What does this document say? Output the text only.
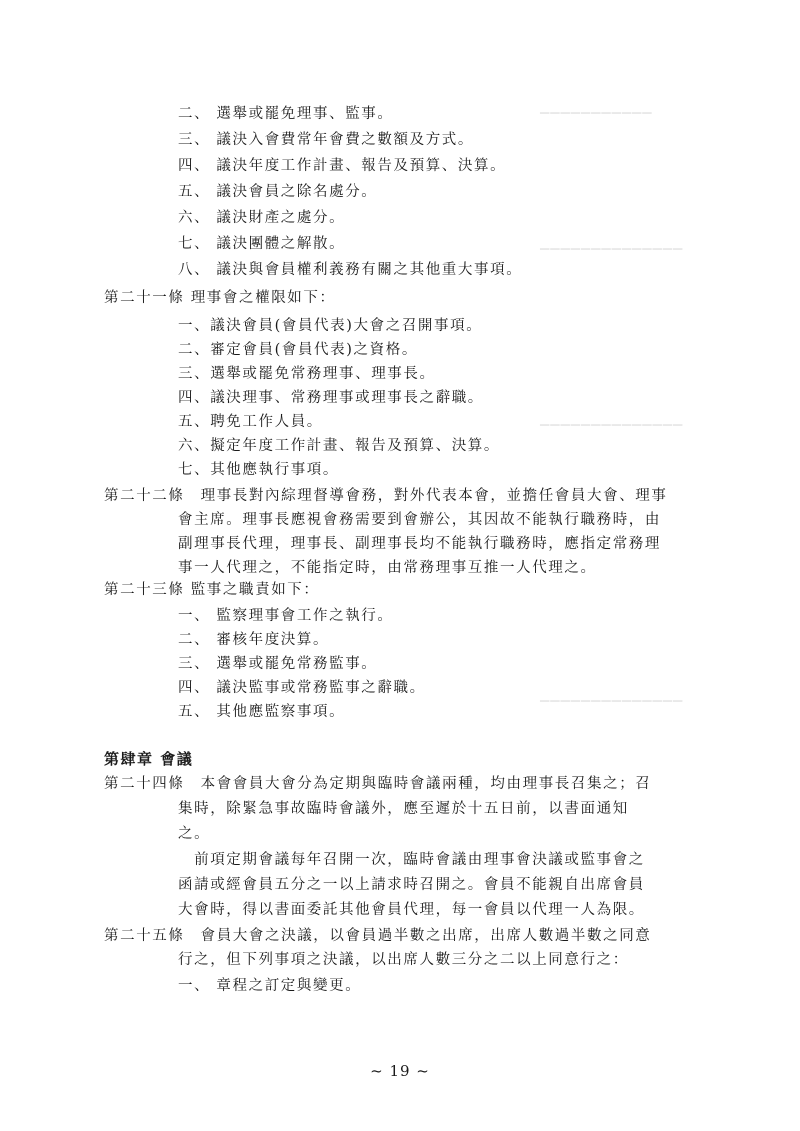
▁▁▁▁▁▁▁▁▁▁▁
▁▁▁▁▁▁▁▁▁▁▁▁▁▁
▁▁▁▁▁▁▁▁▁▁▁▁▁▁
▁▁▁▁▁▁▁▁▁▁▁▁▁▁
二、 選舉或罷免理事、監事。
三、 議決入會費常年會費之數額及方式。
四、 議決年度工作計畫、報告及預算、決算。
五、 議決會員之除名處分。
六、 議決財產之處分。
七、 議決團體之解散。
八、 議決與會員權利義務有關之其他重大事項。
第二十一條 理事會之權限如下：
一、議決會員(會員代表)大會之召開事項。
二、審定會員(會員代表)之資格。
三、選舉或罷免常務理事、理事長。
四、議決理事、常務理事或理事長之辭職。
五、聘免工作人員。
六、擬定年度工作計畫、報告及預算、決算。
七、其他應執行事項。
第二十二條　理事長對內綜理督導會務，對外代表本會，並擔任會員大會、理事
會主席。理事長應視會務需要到會辦公，其因故不能執行職務時，由
副理事長代理，理事長、副理事長均不能執行職務時，應指定常務理
事一人代理之，不能指定時，由常務理事互推一人代理之。
第二十三條 監事之職責如下：
一、 監察理事會工作之執行。
二、 審核年度決算。
三、 選舉或罷免常務監事。
四、 議決監事或常務監事之辭職。
五、 其他應監察事項。
第肆章 會議
第二十四條　本會會員大會分為定期與臨時會議兩種，均由理事長召集之；召
集時，除緊急事故臨時會議外，應至遲於十五日前，以書面通知
之。
　前項定期會議每年召開一次，臨時會議由理事會決議或監事會之
函請或經會員五分之一以上請求時召開之。會員不能親自出席會員
大會時，得以書面委託其他會員代理，每一會員以代理一人為限。
第二十五條　會員大會之決議，以會員過半數之出席，出席人數過半數之同意
行之，但下列事項之決議，以出席人數三分之二以上同意行之：
一、 章程之訂定與變更。
~ 19 ~
